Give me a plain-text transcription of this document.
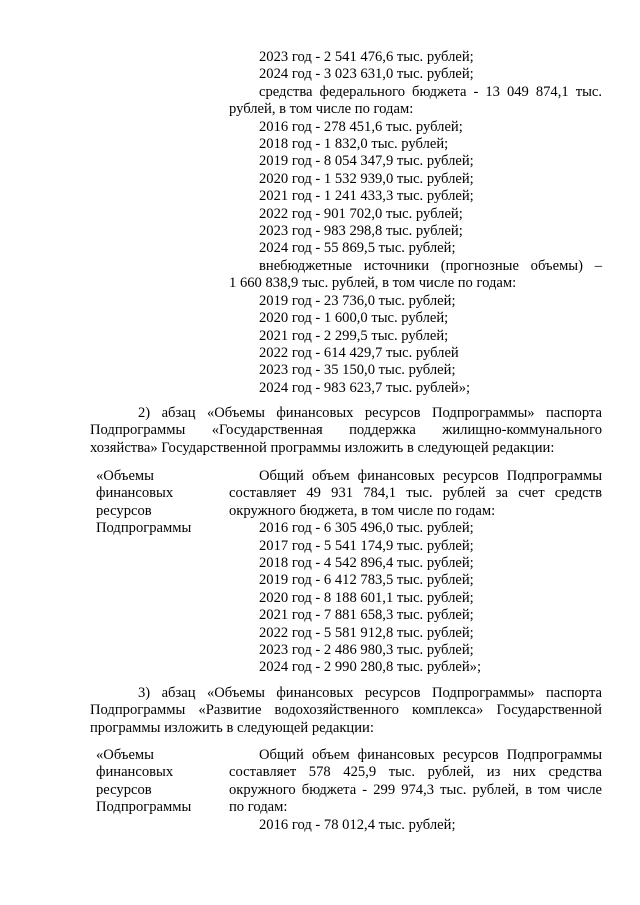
2023 год - 2 541 476,6 тыс. рублей;
2024 год - 3 023 631,0 тыс. рублей;
средства федерального бюджета - 13 049 874,1 тыс.
рублей, в том числе по годам:
2016 год - 278 451,6 тыс. рублей;
2018 год - 1 832,0 тыс. рублей;
2019 год - 8 054 347,9 тыс. рублей;
2020 год - 1 532 939,0 тыс. рублей;
2021 год - 1 241 433,3 тыс. рублей;
2022 год - 901 702,0 тыс. рублей;
2023 год - 983 298,8 тыс. рублей;
2024 год - 55 869,5 тыс. рублей;
внебюджетные источники (прогнозные объемы) –
1 660 838,9 тыс. рублей, в том числе по годам:
2019 год - 23 736,0 тыс. рублей;
2020 год - 1 600,0 тыс. рублей;
2021 год - 2 299,5 тыс. рублей;
2022 год - 614 429,7 тыс. рублей
2023 год - 35 150,0 тыс. рублей;
2024 год - 983 623,7 тыс. рублей»;
2) абзац «Объемы финансовых ресурсов Подпрограммы» паспорта
Подпрограммы «Государственная поддержка жилищно-коммунального
хозяйства» Государственной программы изложить в следующей редакции:
«Объемы
финансовых
ресурсов
Подпрограммы
Общий объем финансовых ресурсов Подпрограммы
составляет 49 931 784,1 тыс. рублей за счет средств
окружного бюджета, в том числе по годам:
2016 год - 6 305 496,0 тыс. рублей;
2017 год - 5 541 174,9 тыс. рублей;
2018 год - 4 542 896,4 тыс. рублей;
2019 год - 6 412 783,5 тыс. рублей;
2020 год - 8 188 601,1 тыс. рублей;
2021 год - 7 881 658,3 тыс. рублей;
2022 год - 5 581 912,8 тыс. рублей;
2023 год - 2 486 980,3 тыс. рублей;
2024 год - 2 990 280,8 тыс. рублей»;
3) абзац «Объемы финансовых ресурсов Подпрограммы» паспорта
Подпрограммы «Развитие водохозяйственного комплекса» Государственной
программы изложить в следующей редакции:
«Объемы
финансовых
ресурсов
Подпрограммы
Общий объем финансовых ресурсов Подпрограммы
составляет 578 425,9 тыс. рублей, из них средства
окружного бюджета - 299 974,3 тыс. рублей, в том числе
по годам:
2016 год - 78 012,4 тыс. рублей;
